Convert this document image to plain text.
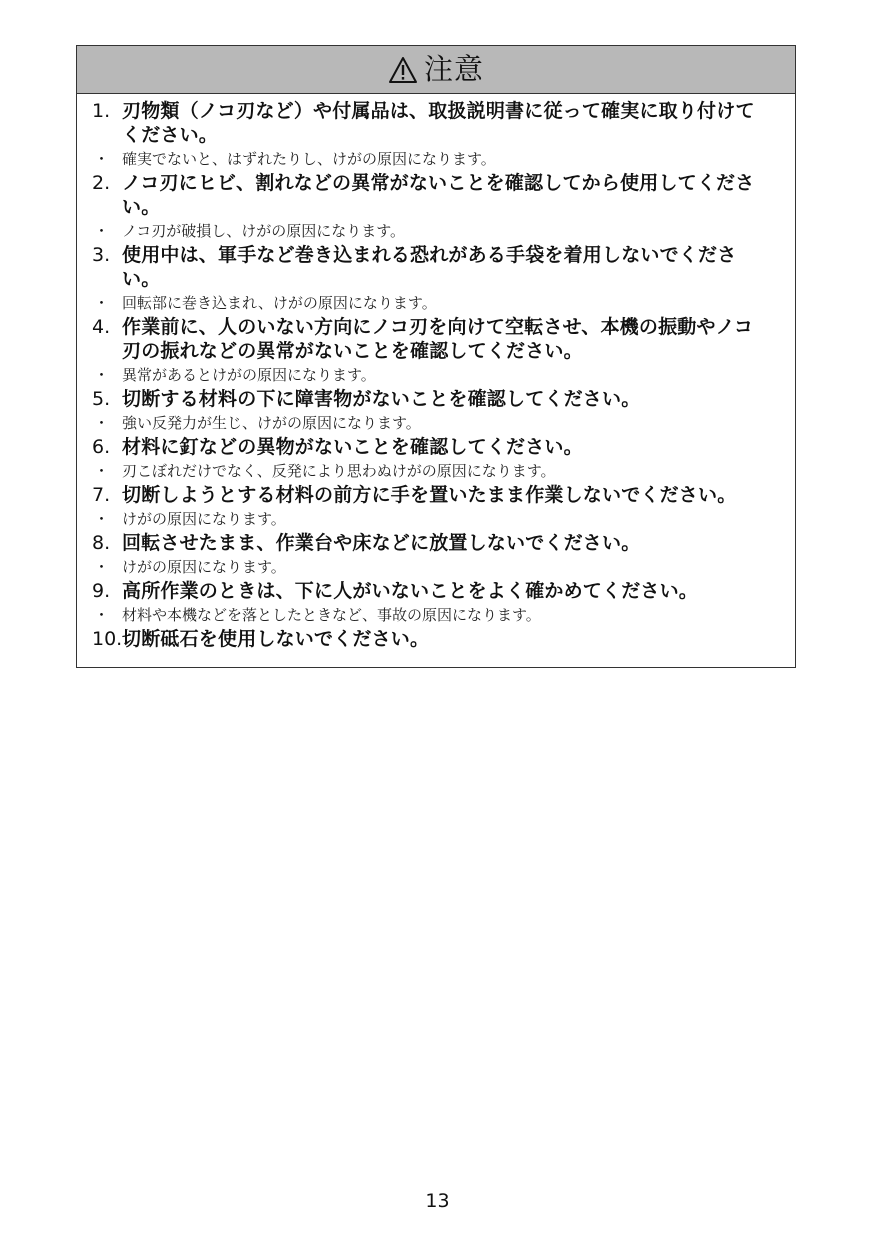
注意
1. 刃物類（ノコ刃など）や付属品は、取扱説明書に従って確実に取り付けてください。
・ 確実でないと、はずれたりし、けがの原因になります。
2. ノコ刃にヒビ、割れなどの異常がないことを確認してから使用してください。
・ ノコ刃が破損し、けがの原因になります。
3. 使用中は、軍手など巻き込まれる恐れがある手袋を着用しないでください。
・ 回転部に巻き込まれ、けがの原因になります。
4. 作業前に、人のいない方向にノコ刃を向けて空転させ、本機の振動やノコ刃の振れなどの異常がないことを確認してください。
・ 異常があるとけがの原因になります。
5. 切断する材料の下に障害物がないことを確認してください。
・ 強い反発力が生じ、けがの原因になります。
6. 材料に釘などの異物がないことを確認してください。
・ 刃こぼれだけでなく、反発により思わぬけがの原因になります。
7. 切断しようとする材料の前方に手を置いたまま作業しないでください。
・ けがの原因になります。
8. 回転させたまま、作業台や床などに放置しないでください。
・ けがの原因になります。
9. 高所作業のときは、下に人がいないことをよく確かめてください。
・ 材料や本機などを落としたときなど、事故の原因になります。
10. 切断砥石を使用しないでください。
13
